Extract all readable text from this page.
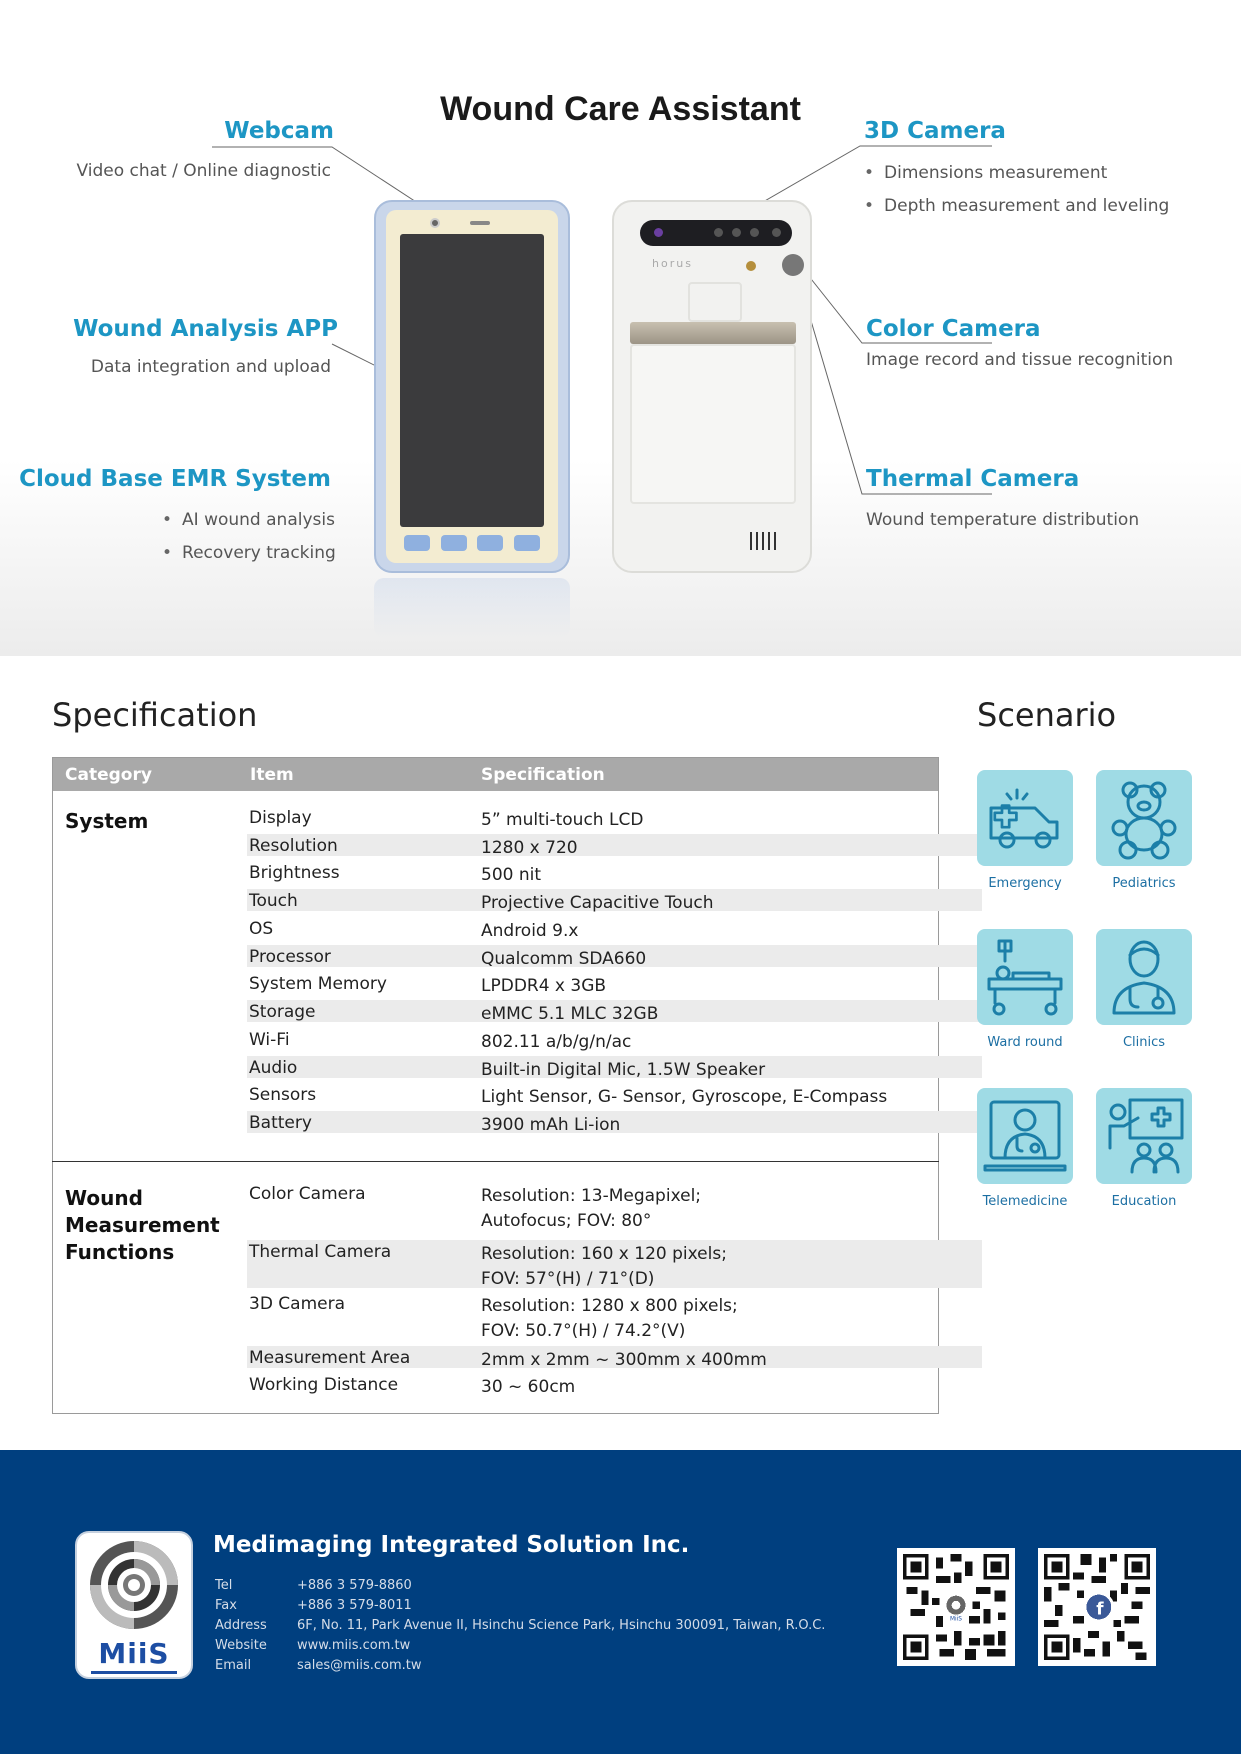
Wound Care Assistant
Webcam
Video chat / Online diagnostic
Wound Analysis APP
Data integration and upload
Cloud Base EMR System
• AI wound analysis
• Recovery tracking
3D Camera
• Dimensions measurement
• Depth measurement and leveling
Color Camera
Image record and tissue recognition
Thermal Camera
Wound temperature distribution
horus
Specification	Scenario
Category	Item	Specification
System	Display	5” multi-touch LCD
Resolution	1280 x 720
Brightness	500 nit
Touch	Projective Capacitive Touch
OS	Android 9.x
Processor	Qualcomm SDA660
System Memory	LPDDR4 x 3GB
Storage	eMMC 5.1 MLC 32GB
Wi-Fi	802.11 a/b/g/n/ac
Audio	Built-in Digital Mic, 1.5W Speaker
Sensors	Light Sensor, G- Sensor, Gyroscope, E-Compass
Battery	3900 mAh Li-ion
Wound
Measurement
Functions
Color Camera	Resolution: 13-Megapixel;
Autofocus; FOV: 80°
Thermal Camera	Resolution: 160 x 120 pixels;
FOV: 57°(H) / 71°(D)
3D Camera	Resolution: 1280 x 800 pixels;
FOV: 50.7°(H) / 74.2°(V)
Measurement Area	2mm x 2mm ~ 300mm x 400mm
Working Distance	30 ~ 60cm
Emergency	Pediatrics
Ward round	Clinics
Telemedicine	Education
MiiS
Medimaging Integrated Solution Inc.
Tel	+886 3 579-8860
Fax	+886 3 579-8011
Address 6F, No. 11, Park Avenue II, Hsinchu Science Park, Hsinchu 300091, Taiwan, R.O.C.
Website www.miis.com.tw
Email	sales@miis.com.tw
MiiS
f
